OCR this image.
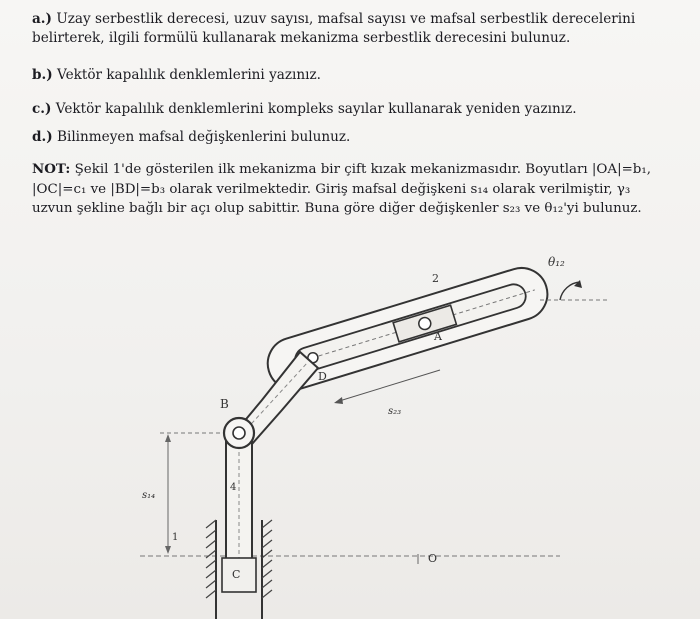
a.) Uzay serbestlik derecesi, uzuv sayısı, mafsal sayısı ve mafsal serbestlik derecelerini
belirterek, ilgili formülü kullanarak mekanizma serbestlik derecesini bulunuz.
b.) Vektör kapalılık denklemlerini yazınız.
c.) Vektör kapalılık denklemlerini kompleks sayılar kullanarak yeniden yazınız.
d.) Bilinmeyen mafsal değişkenlerini bulunuz.
NOT: Şekil 1'de gösterilen ilk mekanizma bir çift kızak mekanizmasıdır. Boyutları |OA|=b₁,
|OC|=c₁ ve |BD|=b₃ olarak verilmektedir. Giriş mafsal değişkeni s₁₄ olarak verilmiştir, γ₃
uzvun şekline bağlı bir açı olup sabittir. Buna göre diğer değişkenler s₂₃ ve θ₁₂'yi bulunuz.
θ₁₂
2
A
D
s₂₃
B
4
s₁₄
C
O
1
